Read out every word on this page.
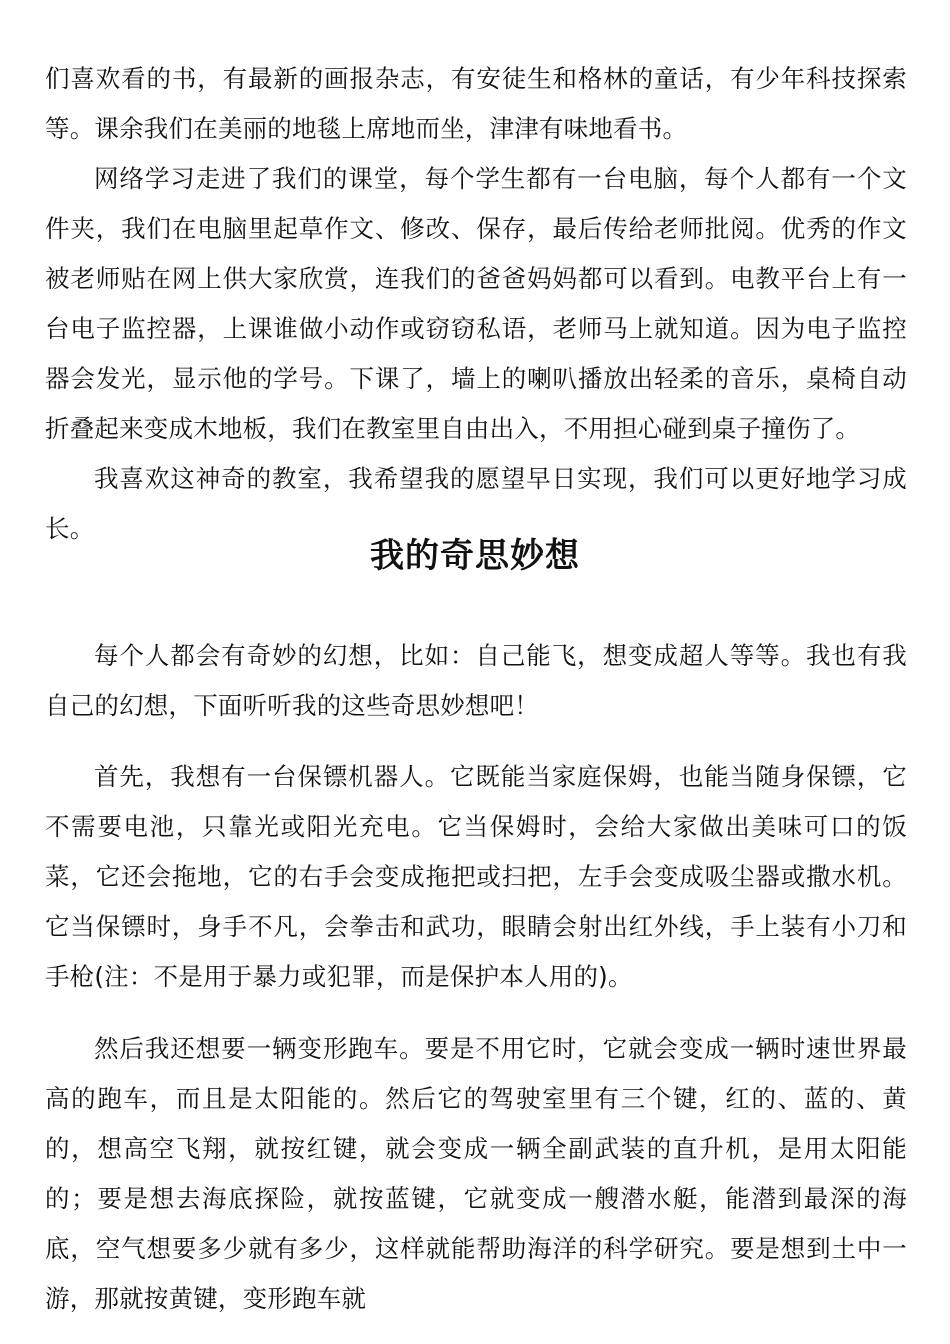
们喜欢看的书，有最新的画报杂志，有安徒生和格林的童话，有少年科技探索等。课余我们在美丽的地毯上席地而坐，津津有味地看书。

网络学习走进了我们的课堂，每个学生都有一台电脑，每个人都有一个文件夹，我们在电脑里起草作文、修改、保存，最后传给老师批阅。优秀的作文被老师贴在网上供大家欣赏，连我们的爸爸妈妈都可以看到。电教平台上有一台电子监控器，上课谁做小动作或窃窃私语，老师马上就知道。因为电子监控器会发光，显示他的学号。下课了，墙上的喇叭播放出轻柔的音乐，桌椅自动折叠起来变成木地板，我们在教室里自由出入，不用担心碰到桌子撞伤了。

我喜欢这神奇的教室，我希望我的愿望早日实现，我们可以更好地学习成长。

我的奇思妙想

每个人都会有奇妙的幻想，比如：自己能飞，想变成超人等等。我也有我自己的幻想，下面听听我的这些奇思妙想吧！

首先，我想有一台保镖机器人。它既能当家庭保姆，也能当随身保镖，它不需要电池，只靠光或阳光充电。它当保姆时，会给大家做出美味可口的饭菜，它还会拖地，它的右手会变成拖把或扫把，左手会变成吸尘器或撒水机。它当保镖时，身手不凡，会拳击和武功，眼睛会射出红外线，手上装有小刀和手枪(注：不是用于暴力或犯罪，而是保护本人用的)。

然后我还想要一辆变形跑车。要是不用它时，它就会变成一辆时速世界最高的跑车，而且是太阳能的。然后它的驾驶室里有三个键，红的、蓝的、黄的，想高空飞翔，就按红键，就会变成一辆全副武装的直升机，是用太阳能的；要是想去海底探险，就按蓝键，它就变成一艘潜水艇，能潜到最深的海底，空气想要多少就有多少，这样就能帮助海洋的科学研究。要是想到土中一游，那就按黄键，变形跑车就
